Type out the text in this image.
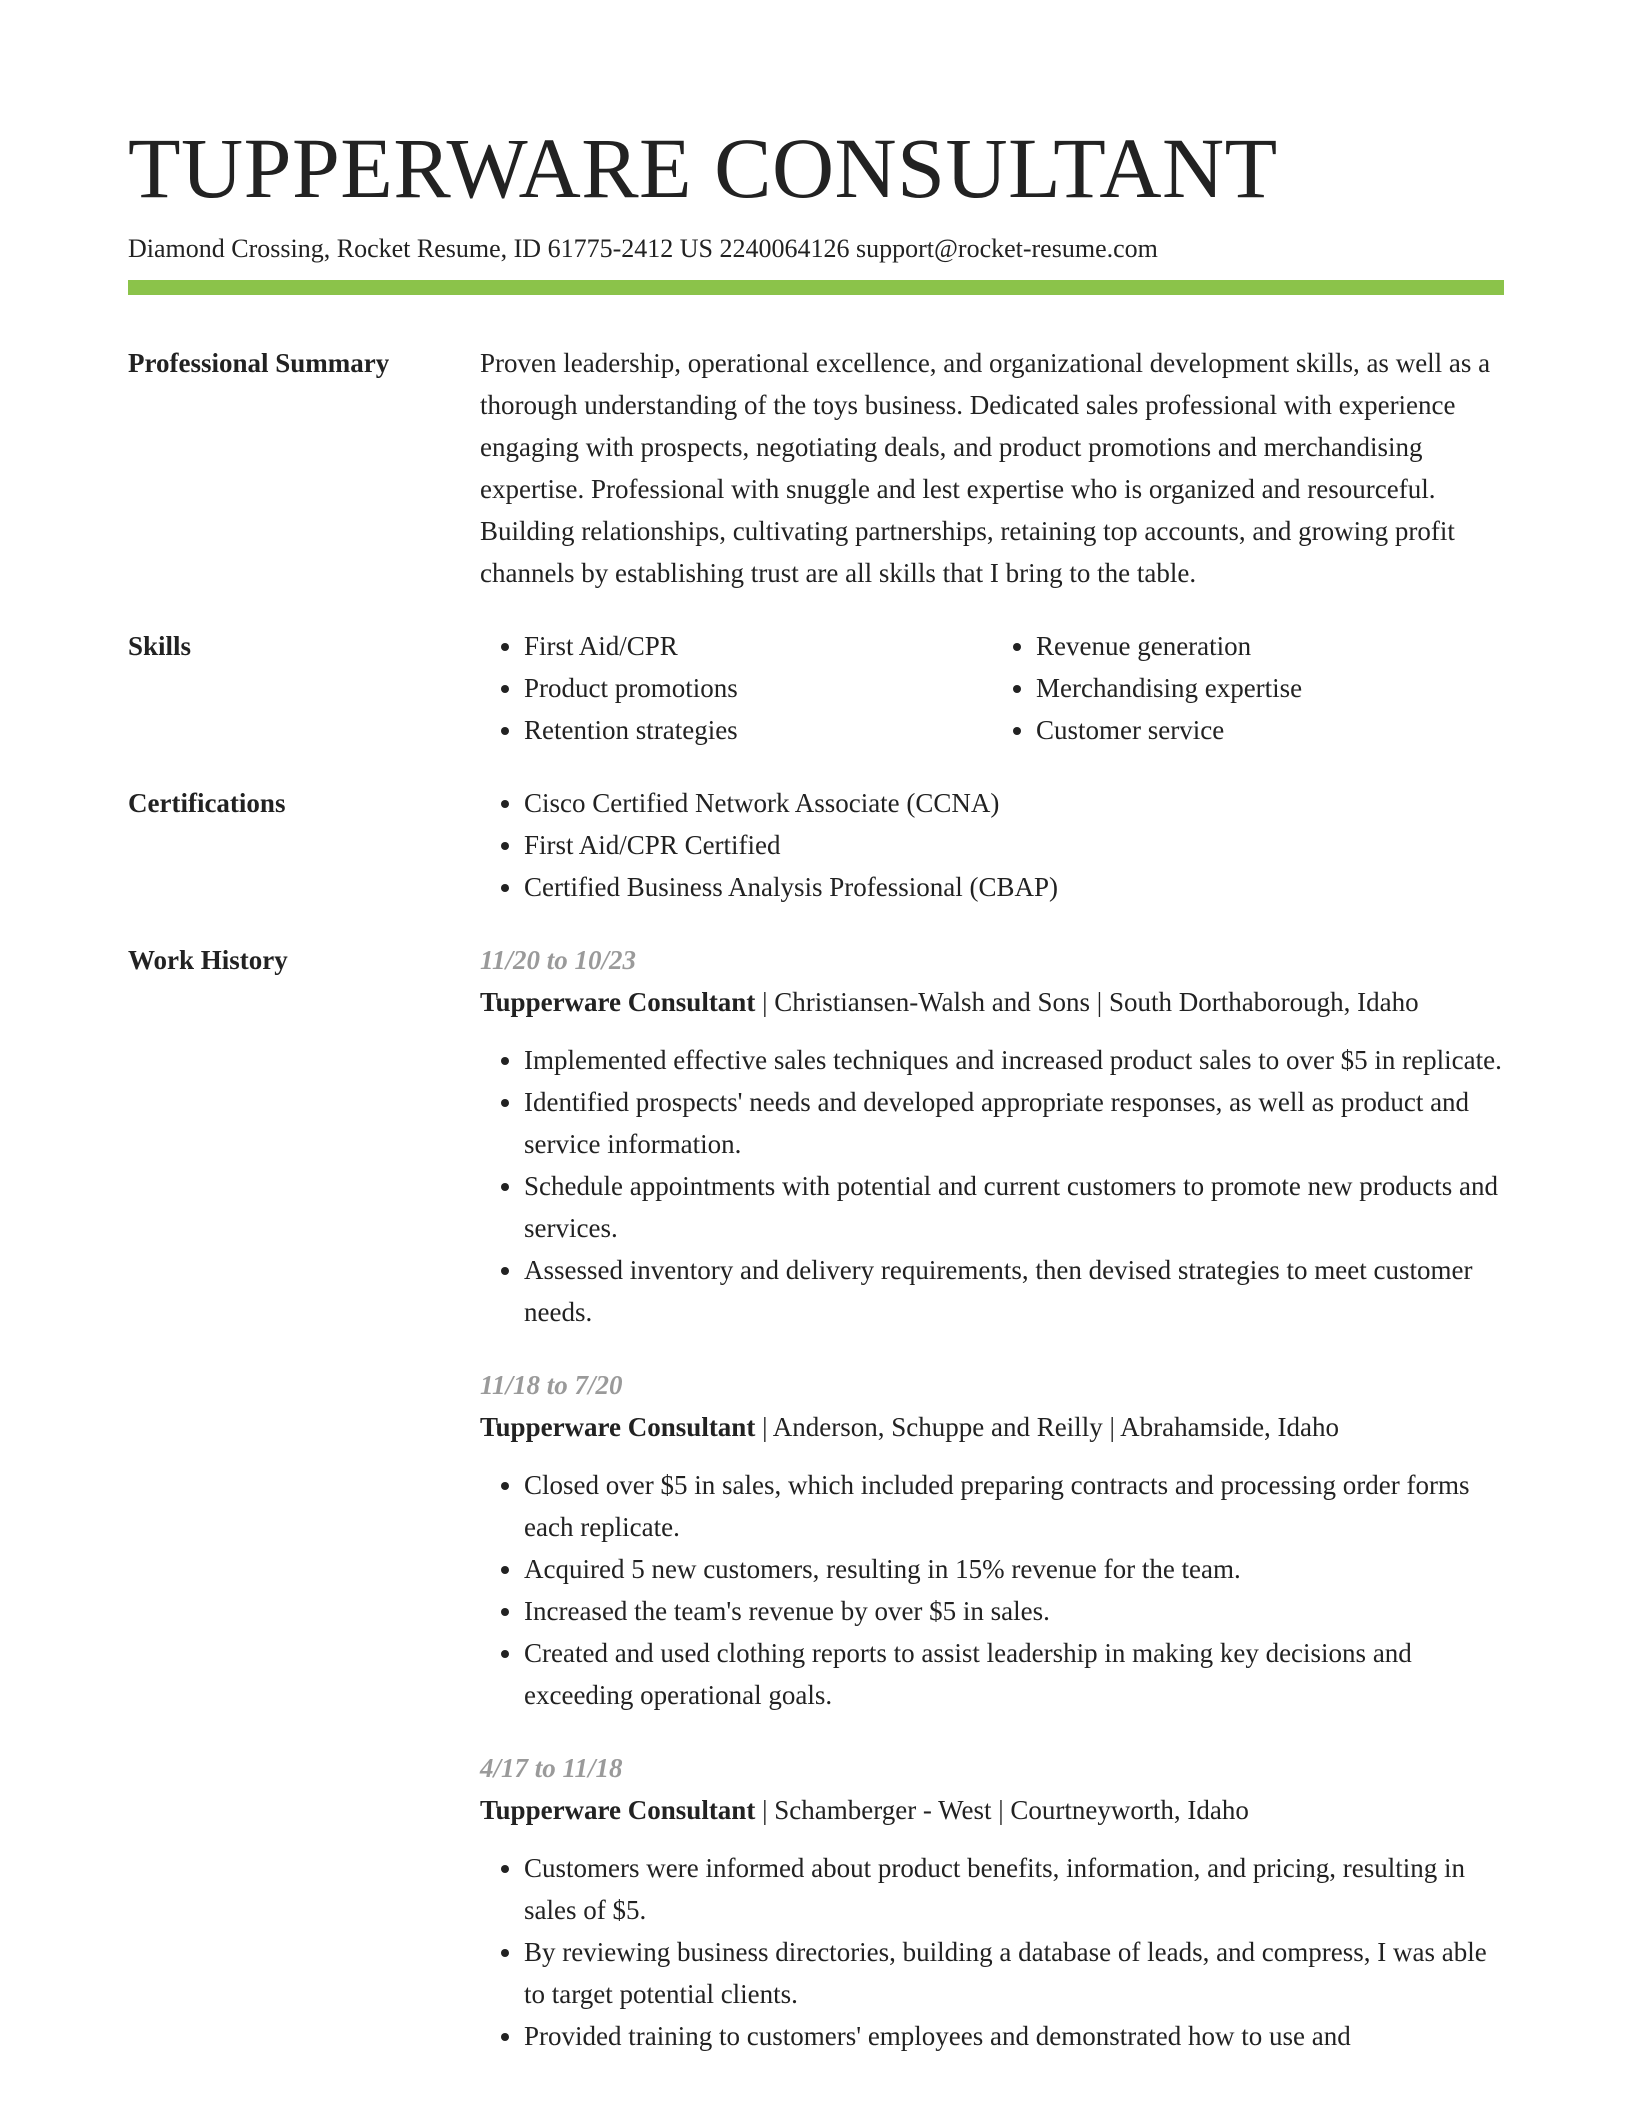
TUPPERWARE CONSULTANT
Diamond Crossing, Rocket Resume, ID 61775-2412 US 2240064126 support@rocket-resume.com
Professional Summary	Proven leadership, operational excellence, and organizational development skills, as well as a thorough understanding of the toys business. Dedicated sales professional with experience engaging with prospects, negotiating deals, and product promotions and merchandising expertise. Professional with snuggle and lest expertise who is organized and resourceful. Building relationships, cultivating partnerships, retaining top accounts, and growing profit channels by establishing trust are all skills that I bring to the table.

Skills	• First Aid/CPR
• Product promotions
• Retention strategies
• Revenue generation
• Merchandising expertise
• Customer service
Certifications	• Cisco Certified Network Associate (CCNA)
• First Aid/CPR Certified
• Certified Business Analysis Professional (CBAP)
Work History	11/20 to 10/23

Tupperware Consultant | Christiansen-Walsh and Sons | South Dorthaborough, Idaho

• Implemented effective sales techniques and increased product sales to over $5 in replicate.
• Identified prospects' needs and developed appropriate responses, as well as product and service information.
• Schedule appointments with potential and current customers to promote new products and services.
• Assessed inventory and delivery requirements, then devised strategies to meet customer needs.
11/18 to 7/20

Tupperware Consultant | Anderson, Schuppe and Reilly | Abrahamside, Idaho

• Closed over $5 in sales, which included preparing contracts and processing order forms each replicate.
• Acquired 5 new customers, resulting in 15% revenue for the team.
• Increased the team's revenue by over $5 in sales.
• Created and used clothing reports to assist leadership in making key decisions and exceeding operational goals.
4/17 to 11/18

Tupperware Consultant | Schamberger - West | Courtneyworth, Idaho

• Customers were informed about product benefits, information, and pricing, resulting in sales of $5.
• By reviewing business directories, building a database of leads, and compress, I was able to target potential clients.
• Provided training to customers' employees and demonstrated how to use and
